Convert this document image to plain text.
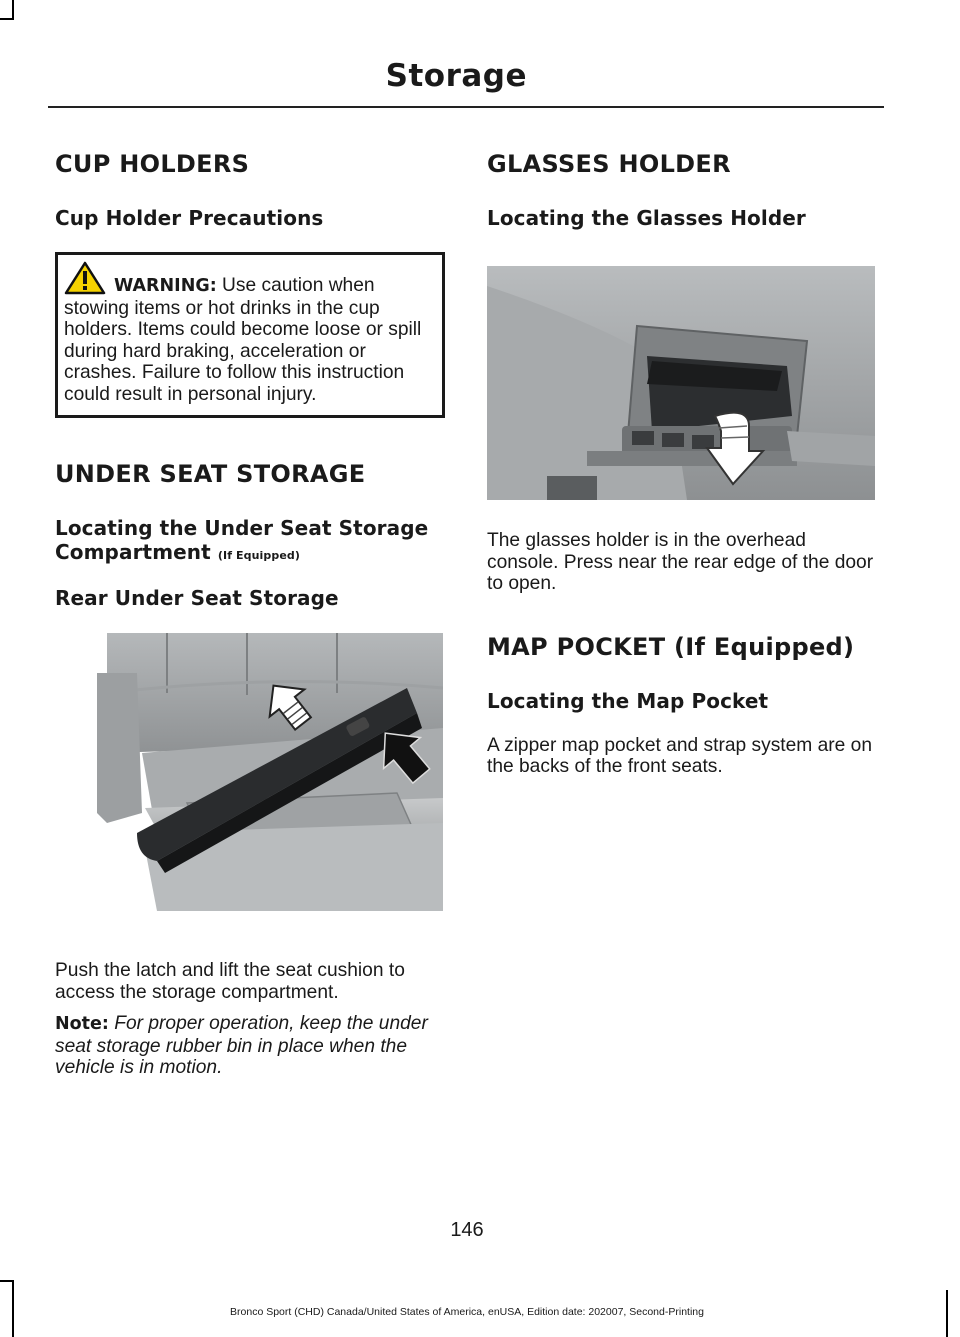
Storage
CUP HOLDERS
Cup Holder Precautions

WARNING: Use caution when stowing items or hot drinks in the cup holders. Items could become loose or spill during hard braking, acceleration or crashes. Failure to follow this instruction could result in personal injury.

UNDER SEAT STORAGE
Locating the Under Seat Storage Compartment (If Equipped)
Rear Under Seat Storage

Push the latch and lift the seat cushion to access the storage compartment.

Note: For proper operation, keep the under seat storage rubber bin in place when the vehicle is in motion.

GLASSES HOLDER
Locating the Glasses Holder

The glasses holder is in the overhead console. Press near the rear edge of the door to open.

MAP POCKET (If Equipped)
Locating the Map Pocket

A zipper map pocket and strap system are on the backs of the front seats.

146
Bronco Sport (CHD) Canada/United States of America, enUSA, Edition date: 202007, Second-Printing
